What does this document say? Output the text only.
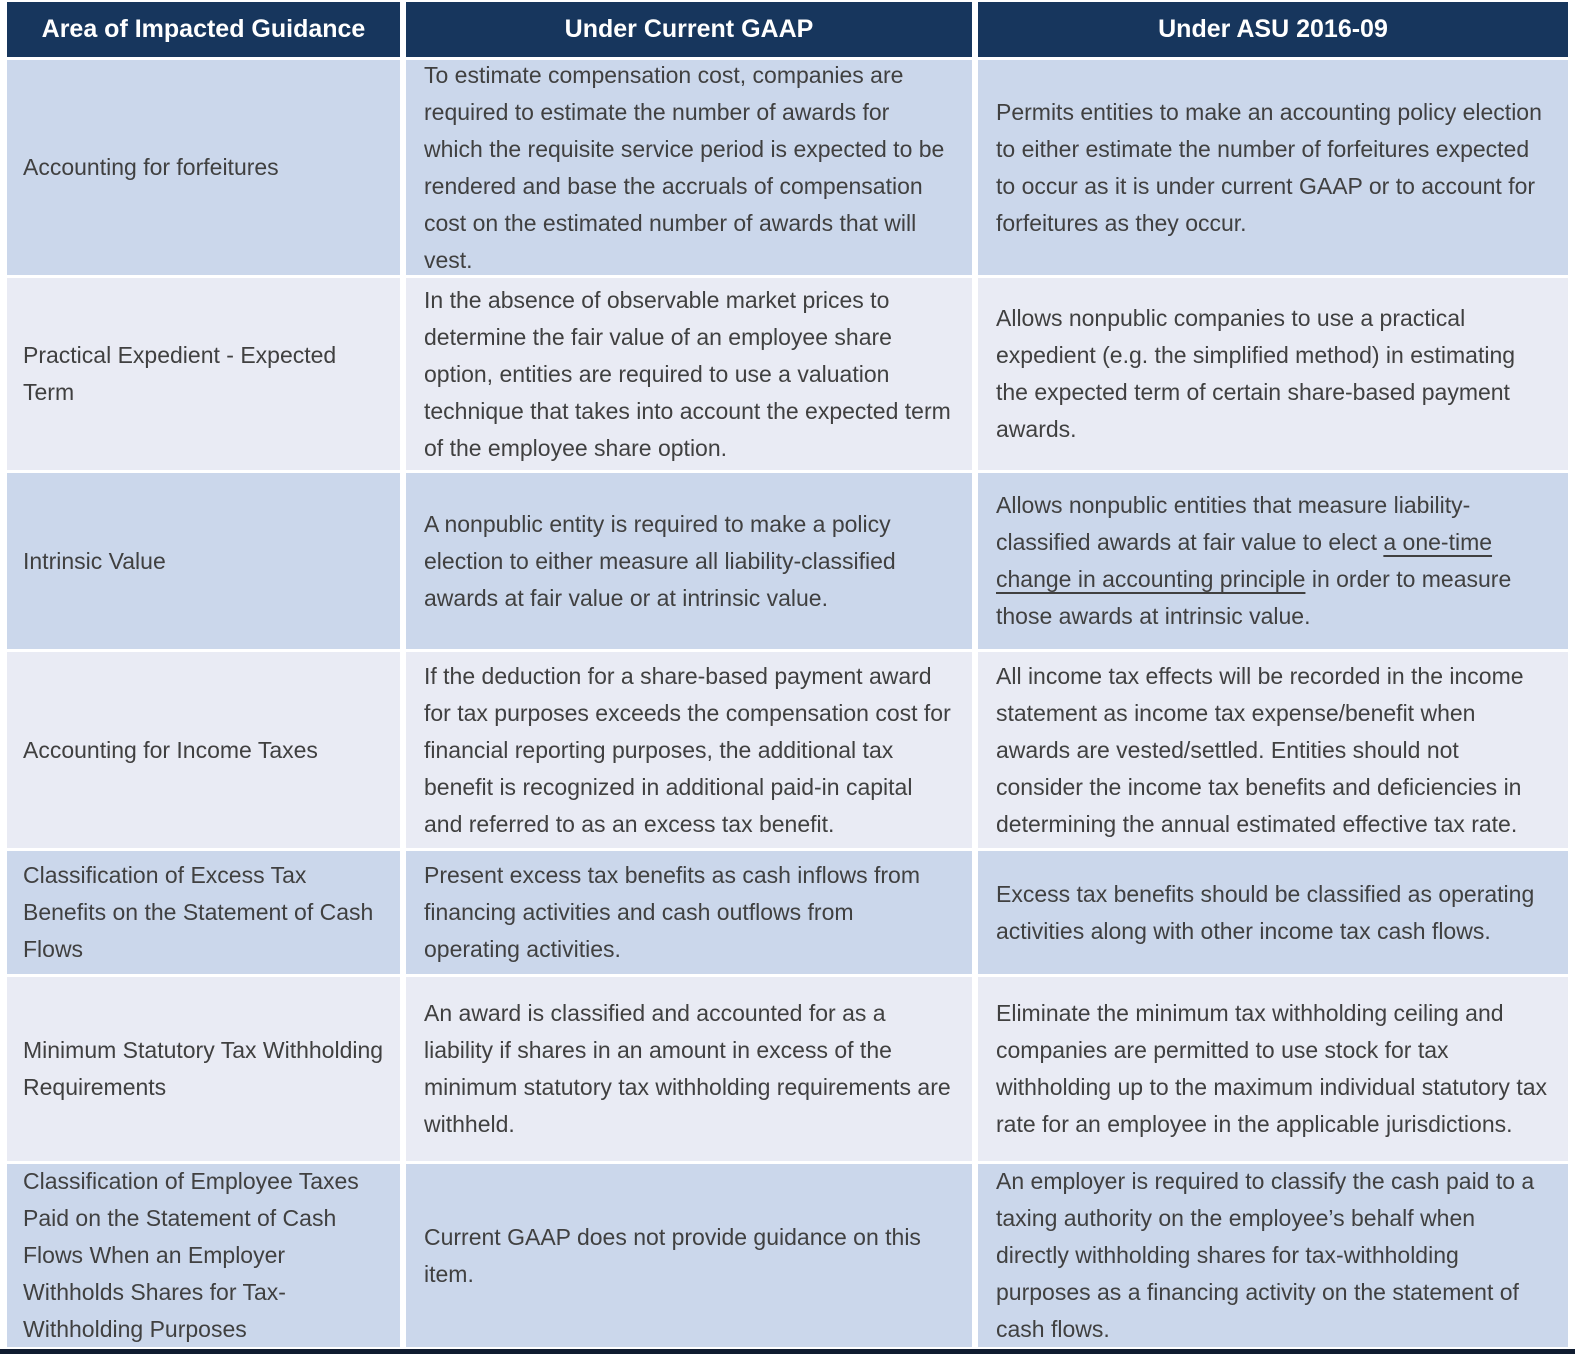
Area of Impacted Guidance	Under Current GAAP	Under ASU 2016-09
Accounting for forfeitures
To estimate compensation cost, companies are required to estimate the number of awards for which the requisite service period is expected to be rendered and base the accruals of compensation cost on the estimated number of awards that will vest.
Permits entities to make an accounting policy election to either estimate the number of forfeitures expected to occur as it is under current GAAP or to account for forfeitures as they occur.
Practical Expedient - Expected Term
In the absence of observable market prices to determine the fair value of an employee share option, entities are required to use a valuation technique that takes into account the expected term of the employee share option.
Allows nonpublic companies to use a practical expedient (e.g. the simplified method) in estimating the expected term of certain share-based payment awards.
Intrinsic Value
A nonpublic entity is required to make a policy election to either measure all liability-classified awards at fair value or at intrinsic value.
Allows nonpublic entities that measure liability-classified awards at fair value to elect a one-time change in accounting principle in order to measure those awards at intrinsic value.
Accounting for Income Taxes
If the deduction for a share-based payment award for tax purposes exceeds the compensation cost for financial reporting purposes, the additional tax benefit is recognized in additional paid-in capital and referred to as an excess tax benefit.
All income tax effects will be recorded in the income statement as income tax expense/benefit when awards are vested/settled. Entities should not consider the income tax benefits and deficiencies in determining the annual estimated effective tax rate.
Classification of Excess Tax Benefits on the Statement of Cash Flows
Present excess tax benefits as cash inflows from financing activities and cash outflows from operating activities.
Excess tax benefits should be classified as operating activities along with other income tax cash flows.
Minimum Statutory Tax Withholding Requirements
An award is classified and accounted for as a liability if shares in an amount in excess of the minimum statutory tax withholding requirements are withheld.
Eliminate the minimum tax withholding ceiling and companies are permitted to use stock for tax withholding up to the maximum individual statutory tax rate for an employee in the applicable jurisdictions.
Classification of Employee Taxes Paid on the Statement of Cash Flows When an Employer Withholds Shares for Tax-Withholding Purposes
Current GAAP does not provide guidance on this item.
An employer is required to classify the cash paid to a taxing authority on the employee’s behalf when directly withholding shares for tax-withholding purposes as a financing activity on the statement of cash flows.
